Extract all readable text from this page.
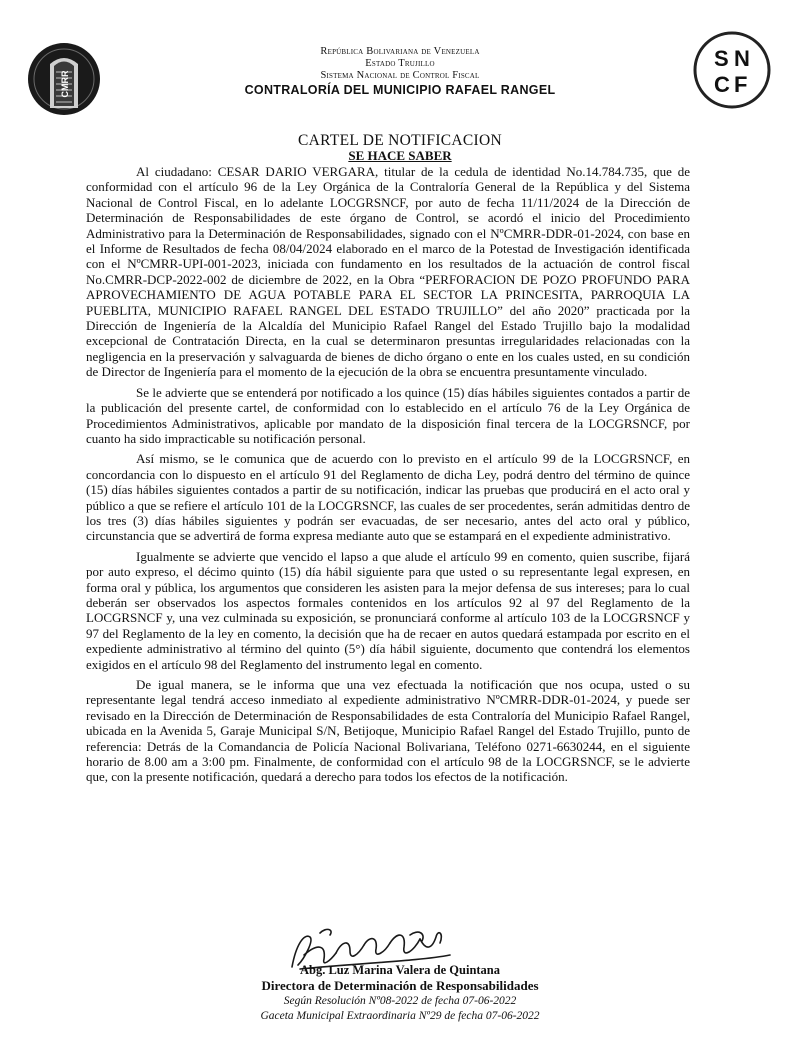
CMRR
S N
C F
República Bolivariana de Venezuela
Estado Trujillo
Sistema Nacional de Control Fiscal
CONTRALORÍA DEL MUNICIPIO RAFAEL RANGEL
CARTEL DE NOTIFICACION
SE HACE SABER

Al ciudadano: CESAR DARIO VERGARA, titular de la cedula de identidad No.14.784.735, que de conformidad con el artículo 96 de la Ley Orgánica de la Contraloría General de la República y del Sistema Nacional de Control Fiscal, en lo adelante LOCGRSNCF, por auto de fecha 11/11/2024 de la Dirección de Determinación de Responsabilidades de este órgano de Control, se acordó el inicio del Procedimiento Administrativo para la Determinación de Responsabilidades, signado con el NºCMRR-DDR-01-2024, con base en el Informe de Resultados de fecha 08/04/2024 elaborado en el marco de la Potestad de Investigación identificada con el NºCMRR-UPI-001-2023, iniciada con fundamento en los resultados de la actuación de control fiscal No.CMRR-DCP-2022-002 de diciembre de 2022, en la Obra “PERFORACION DE POZO PROFUNDO PARA APROVECHAMIENTO DE AGUA POTABLE PARA EL SECTOR LA PRINCESITA, PARROQUIA LA PUEBLITA, MUNICIPIO RAFAEL RANGEL DEL ESTADO TRUJILLO” del año 2020” practicada por la Dirección de Ingeniería de la Alcaldía del Municipio Rafael Rangel del Estado Trujillo bajo la modalidad excepcional de Contratación Directa, en la cual se determinaron presuntas irregularidades relacionadas con la negligencia en la preservación y salvaguarda de bienes de dicho órgano o ente en los cuales usted, en su condición de Director de Ingeniería para el momento de la ejecución de la obra se encuentra presuntamente vinculado.

Se le advierte que se entenderá por notificado a los quince (15) días hábiles siguientes contados a partir de la publicación del presente cartel, de conformidad con lo establecido en el artículo 76 de la Ley Orgánica de Procedimientos Administrativos, aplicable por mandato de la disposición final tercera de la LOCGRSNCF, por cuanto ha sido impracticable su notificación personal.

Así mismo, se le comunica que de acuerdo con lo previsto en el artículo 99 de la LOCGRSNCF, en concordancia con lo dispuesto en el artículo 91 del Reglamento de dicha Ley, podrá dentro del término de quince (15) días hábiles siguientes contados a partir de su notificación, indicar las pruebas que producirá en el acto oral y público a que se refiere el artículo 101 de la LOCGRSNCF, las cuales de ser procedentes, serán admitidas dentro de los tres (3) días hábiles siguientes y podrán ser evacuadas, de ser necesario, antes del acto oral y público, circunstancia que se advertirá de forma expresa mediante auto que se estampará en el expediente administrativo.

Igualmente se advierte que vencido el lapso a que alude el artículo 99 en comento, quien suscribe, fijará por auto expreso, el décimo quinto (15) día hábil siguiente para que usted o su representante legal expresen, en forma oral y pública, los argumentos que consideren les asisten para la mejor defensa de sus intereses; para lo cual deberán ser observados los aspectos formales contenidos en los artículos 92 al 97 del Reglamento de la LOCGRSNCF y, una vez culminada su exposición, se pronunciará conforme al artículo 103 de la LOCGRSNCF y 97 del Reglamento de la ley en comento, la decisión que ha de recaer en autos quedará estampada por escrito en el expediente administrativo al término del quinto (5°) día hábil siguiente, documento que contendrá los elementos exigidos en el artículo 98 del Reglamento del instrumento legal en comento.

De igual manera, se le informa que una vez efectuada la notificación que nos ocupa, usted o su representante legal tendrá acceso inmediato al expediente administrativo NºCMRR-DDR-01-2024, y puede ser revisado en la Dirección de Determinación de Responsabilidades de esta Contraloría del Municipio Rafael Rangel, ubicada en la Avenida 5, Garaje Municipal S/N, Betijoque, Municipio Rafael Rangel del Estado Trujillo, punto de referencia: Detrás de la Comandancia de Policía Nacional Bolivariana, Teléfono 0271-6630244, en el siguiente horario de 8.00 am a 3:00 pm. Finalmente, de conformidad con el artículo 98 de la LOCGRSNCF, se le advierte que, con la presente notificación, quedará a derecho para todos los efectos de la notificación.

Abg. Luz Marina Valera de Quintana
Directora de Determinación de Responsabilidades
Según Resolución Nº08-2022 de fecha 07-06-2022
Gaceta Municipal Extraordinaria Nº29 de fecha 07-06-2022
